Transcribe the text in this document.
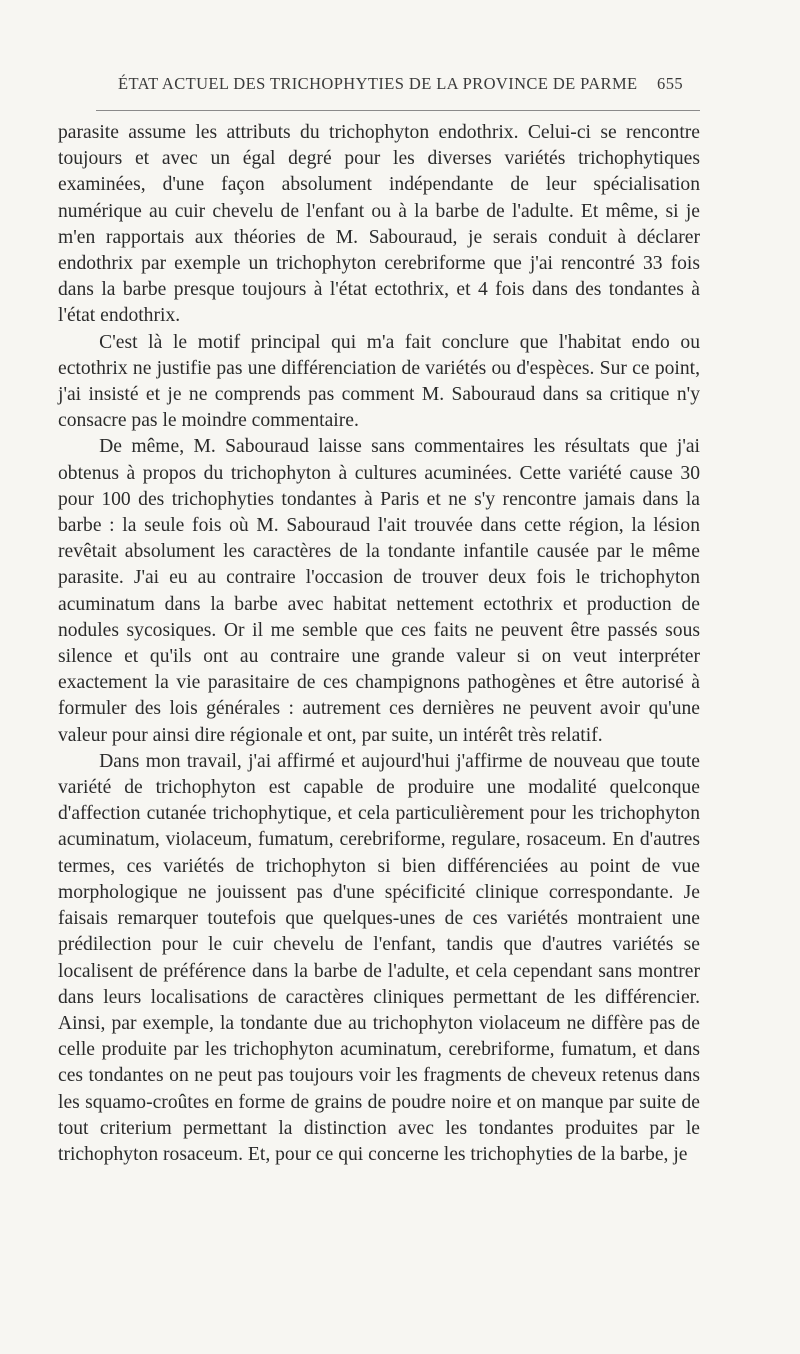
ÉTAT ACTUEL DES TRICHOPHYTIES DE LA PROVINCE DE PARME 655

parasite assume les attributs du trichophyton endothrix. Celui-ci se rencontre toujours et avec un égal degré pour les diverses variétés trichophytiques examinées, d'une façon absolument indépendante de leur spécialisation numérique au cuir chevelu de l'enfant ou à la barbe de l'adulte. Et même, si je m'en rapportais aux théories de M. Sabouraud, je serais conduit à déclarer endothrix par exemple un trichophyton cerebriforme que j'ai rencontré 33 fois dans la barbe presque toujours à l'état ectothrix, et 4 fois dans des tondantes à l'état endothrix.

C'est là le motif principal qui m'a fait conclure que l'habitat endo ou ectothrix ne justifie pas une différenciation de variétés ou d'espèces. Sur ce point, j'ai insisté et je ne comprends pas comment M. Sabouraud dans sa critique n'y consacre pas le moindre commentaire.

De même, M. Sabouraud laisse sans commentaires les résultats que j'ai obtenus à propos du trichophyton à cultures acuminées. Cette variété cause 30 pour 100 des trichophyties tondantes à Paris et ne s'y rencontre jamais dans la barbe : la seule fois où M. Sabouraud l'ait trouvée dans cette région, la lésion revêtait absolument les caractères de la tondante infantile causée par le même parasite. J'ai eu au contraire l'occasion de trouver deux fois le trichophyton acuminatum dans la barbe avec habitat nettement ectothrix et production de nodules sycosiques. Or il me semble que ces faits ne peuvent être passés sous silence et qu'ils ont au contraire une grande valeur si on veut interpréter exactement la vie parasitaire de ces champignons pathogènes et être autorisé à formuler des lois générales : autrement ces dernières ne peuvent avoir qu'une valeur pour ainsi dire régionale et ont, par suite, un intérêt très relatif.

Dans mon travail, j'ai affirmé et aujourd'hui j'affirme de nouveau que toute variété de trichophyton est capable de produire une modalité quelconque d'affection cutanée trichophytique, et cela particulièrement pour les trichophyton acuminatum, violaceum, fumatum, cerebriforme, regulare, rosaceum. En d'autres termes, ces variétés de trichophyton si bien différenciées au point de vue morphologique ne jouissent pas d'une spécificité clinique correspondante. Je faisais remarquer toutefois que quelques-unes de ces variétés montraient une prédilection pour le cuir chevelu de l'enfant, tandis que d'autres variétés se localisent de préférence dans la barbe de l'adulte, et cela cependant sans montrer dans leurs localisations de caractères cliniques permettant de les différencier. Ainsi, par exemple, la tondante due au trichophyton violaceum ne diffère pas de celle produite par les trichophyton acuminatum, cerebriforme, fumatum, et dans ces tondantes on ne peut pas toujours voir les fragments de cheveux retenus dans les squamo-croûtes en forme de grains de poudre noire et on manque par suite de tout criterium permettant la distinction avec les tondantes produites par le trichophyton rosaceum. Et, pour ce qui concerne les trichophyties de la barbe, je
